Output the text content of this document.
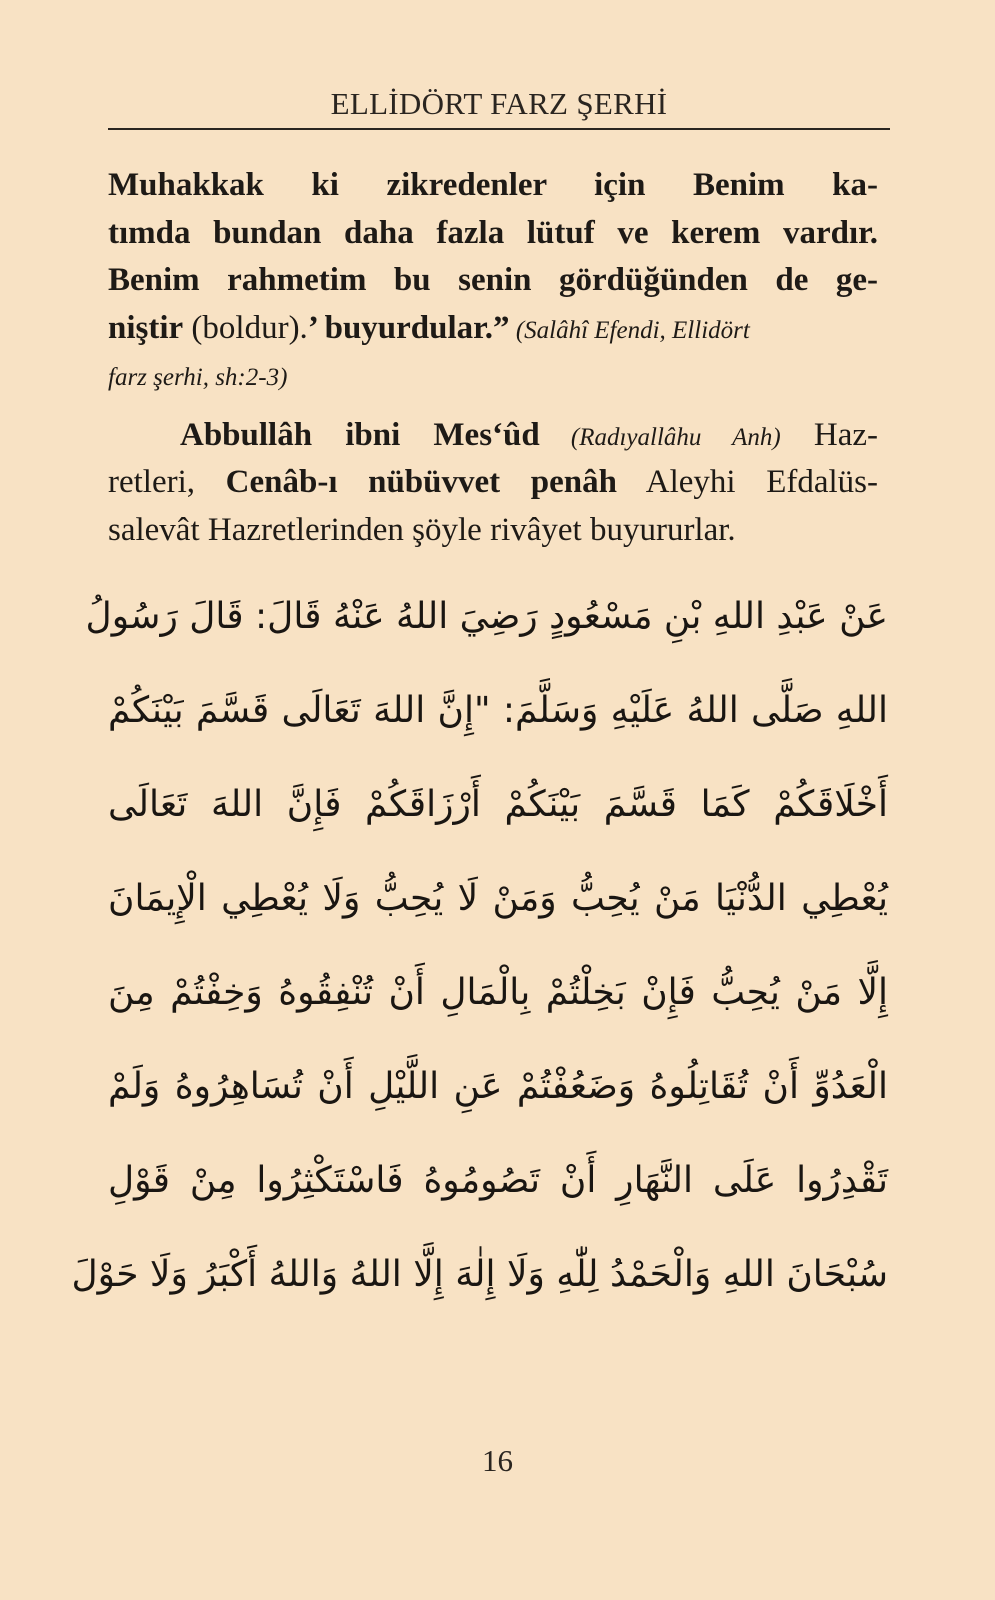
ELLİDÖRT FARZ ŞERHİ
Muhakkak ki zikredenler için Benim ka-
tımda bundan daha fazla lütuf ve kerem vardır.
Benim rahmetim bu senin gördüğünden de ge-
niştir (boldur).’ buyurdular.” (Salâhî Efendi, Ellidört
farz şerhi, sh:2-3)
Abbullâh ibni Mes‘ûd (Radıyallâhu Anh) Haz-
retleri, Cenâb-ı nübüvvet penâh Aleyhi Efdalüs-
salevât Hazretlerinden şöyle rivâyet buyururlar.
عَنْ عَبْدِ اللهِ بْنِ مَسْعُودٍ رَضِيَ اللهُ عَنْهُ قَالَ: قَالَ رَسُولُ
اللهِ صَلَّى اللهُ عَلَيْهِ وَسَلَّمَ: "إِنَّ اللهَ تَعَالَى قَسَّمَ بَيْنَكُمْ
أَخْلَاقَكُمْ كَمَا قَسَّمَ بَيْنَكُمْ أَرْزَاقَكُمْ فَإِنَّ اللهَ تَعَالَى
يُعْطِي الدُّنْيَا مَنْ يُحِبُّ وَمَنْ لَا يُحِبُّ وَلَا يُعْطِي الْإِيمَانَ
إِلَّا مَنْ يُحِبُّ فَإِنْ بَخِلْتُمْ بِالْمَالِ أَنْ تُنْفِقُوهُ وَخِفْتُمْ مِنَ
الْعَدُوِّ أَنْ تُقَاتِلُوهُ وَضَعُفْتُمْ عَنِ اللَّيْلِ أَنْ تُسَاهِرُوهُ وَلَمْ
تَقْدِرُوا عَلَى النَّهَارِ أَنْ تَصُومُوهُ فَاسْتَكْثِرُوا مِنْ قَوْلِ
سُبْحَانَ اللهِ وَالْحَمْدُ لِلّٰهِ وَلَا إِلٰهَ إِلَّا اللهُ وَاللهُ أَكْبَرُ وَلَا حَوْلَ
16
